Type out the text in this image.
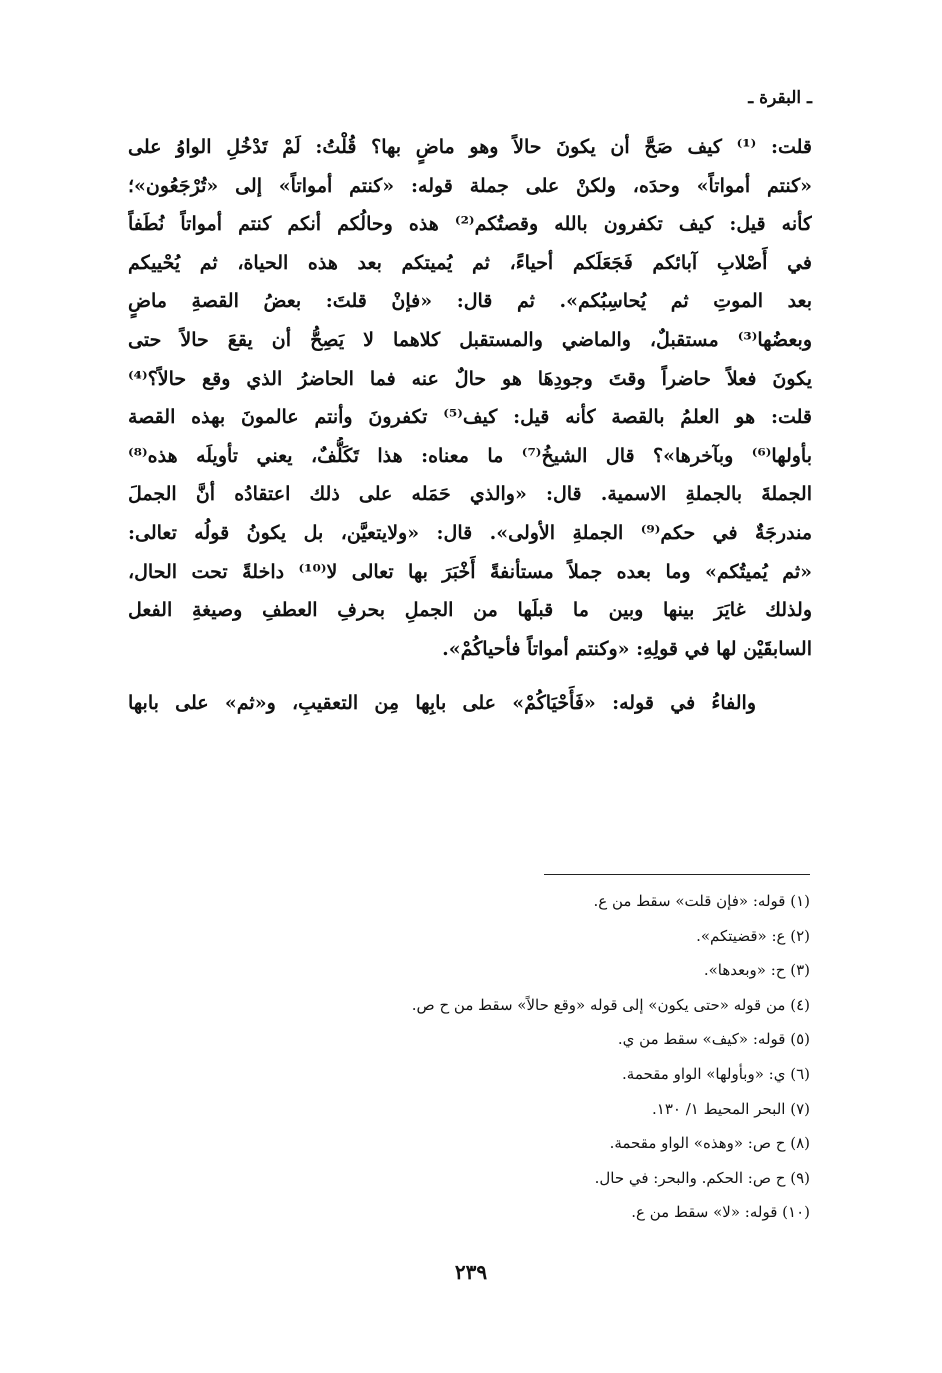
ـ البقرة ـ
قلت: ⁽¹⁾ كيف صَحَّ أن يكونَ حالاً وهو ماضٍ بها؟ قُلْتُ: لَمْ تَدْخُلِ الواوُ على
«كنتم أمواتاً» وحدَه، ولكنْ على جملة قوله: «كنتم أمواتاً» إلى «تُرْجَعُون»؛
كأنه قيل: كيف تكفرون بالله وقصتُكم⁽²⁾ هذه وحالُكم أنكم كنتم أمواتاً نُطَفاً
في أَصْلابِ آبائكم فَجَعَلَكم أحياءً، ثم يُميتكم بعد هذه الحياة، ثم يُحْييكم
بعد الموتِ ثم يُحاسِبُكم». ثم قال: «فإنْ قلتَ: بعضُ القصةِ ماضٍ
وبعضُها⁽³⁾ مستقبلٌ، والماضي والمستقبل كلاهما لا يَصِحُّ أن يقعَ حالاً حتى
يكونَ فعلاً حاضراً وقتَ وجودِهَا هو حالٌ عنه فما الحاضرُ الذي وقع حالاً؟⁽⁴⁾
قلت: هو العلمُ بالقصة كأنه قيل: كيف⁽⁵⁾ تكفرونَ وأنتم عالمونَ بهذه القصة
بأولها⁽⁶⁾ وبآخرها»؟ قال الشيخُ⁽⁷⁾ ما معناه: هذا تَكَلُّفٌ، يعني تأويلَه هذه⁽⁸⁾
الجملةَ بالجملةِ الاسمية. قال: «والذي حَمَله على ذلك اعتقادُه أنَّ الجملَ
مندرجَةٌ في حكم⁽⁹⁾ الجملةِ الأولى». قال: «ولايتعيَّن، بل يكونُ قولُه تعالى:
«ثم يُميتُكم» وما بعده جملاً مستأنفةً أَخْبَرَ بها تعالى لا⁽¹⁰⁾ داخلةً تحت الحال،
ولذلك غايَرَ بينها وبين ما قبلَها من الجملِ بحرفِ العطفِ وصيغةِ الفعل
السابقَيْن لها في قولِهِ: «وكنتم أمواتاً فأحياكُمْ».
والفاءُ في قوله: «فَأَحْيَاكُمْ» على بابِها مِن التعقيبِ، و«ثم» على بابها
(١) قوله: «فإن قلت» سقط من ع.
(٢) ع: «قضيتكم».
(٣) ح: «وبعدها».
(٤) من قوله «حتى يكون» إلى قوله «وقع حالاً» سقط من ح ص.
(٥) قوله: «كيف» سقط من ي.
(٦) ي: «وبأولها» الواو مقحمة.
(٧) البحر المحيط ١/ ١٣٠.
(٨) ح ص: «وهذه» الواو مقحمة.
(٩) ح ص: الحكم. والبحر: في حال.
(١٠) قوله: «لا» سقط من ع.
٢٣٩
